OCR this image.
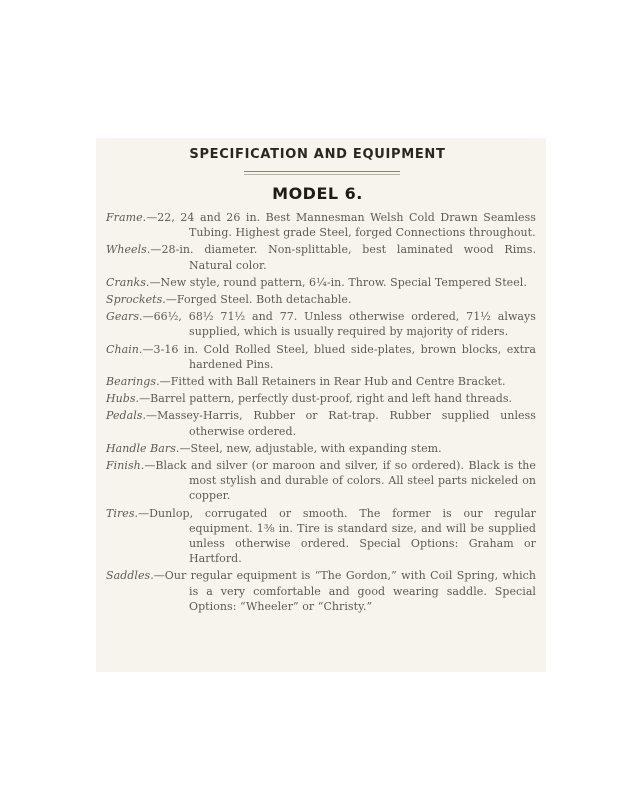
SPECIFICATION AND EQUIPMENT
MODEL 6.
Frame.—22, 24 and 26 in. Best Mannesman Welsh Cold Drawn Seamless Tubing. Highest grade Steel, forged Connections throughout.
Wheels.—28-in. diameter. Non-splittable, best laminated wood Rims. Natural color.
Cranks.—New style, round pattern, 6¼-in. Throw. Special Tempered Steel.
Sprockets.—Forged Steel. Both detachable.
Gears.—66½, 68½ 71½ and 77. Unless otherwise ordered, 71½ always supplied, which is usually required by majority of riders.
Chain.—3-16 in. Cold Rolled Steel, blued side-plates, brown blocks, extra hardened Pins.
Bearings.—Fitted with Ball Retainers in Rear Hub and Centre Bracket.
Hubs.—Barrel pattern, perfectly dust-proof, right and left hand threads.
Pedals.—Massey-Harris, Rubber or Rat-trap. Rubber supplied unless otherwise ordered.
Handle Bars.—Steel, new, adjustable, with expanding stem.
Finish.—Black and silver (or maroon and silver, if so ordered). Black is the most stylish and durable of colors. All steel parts nickeled on copper.
Tires.—Dunlop, corrugated or smooth. The former is our regular equipment. 1⅜ in. Tire is standard size, and will be supplied unless otherwise ordered. Special Options: Graham or Hartford.
Saddles.—Our regular equipment is “The Gordon,” with Coil Spring, which is a very comfortable and good wearing saddle. Special Options: “Wheeler” or “Christy.”
